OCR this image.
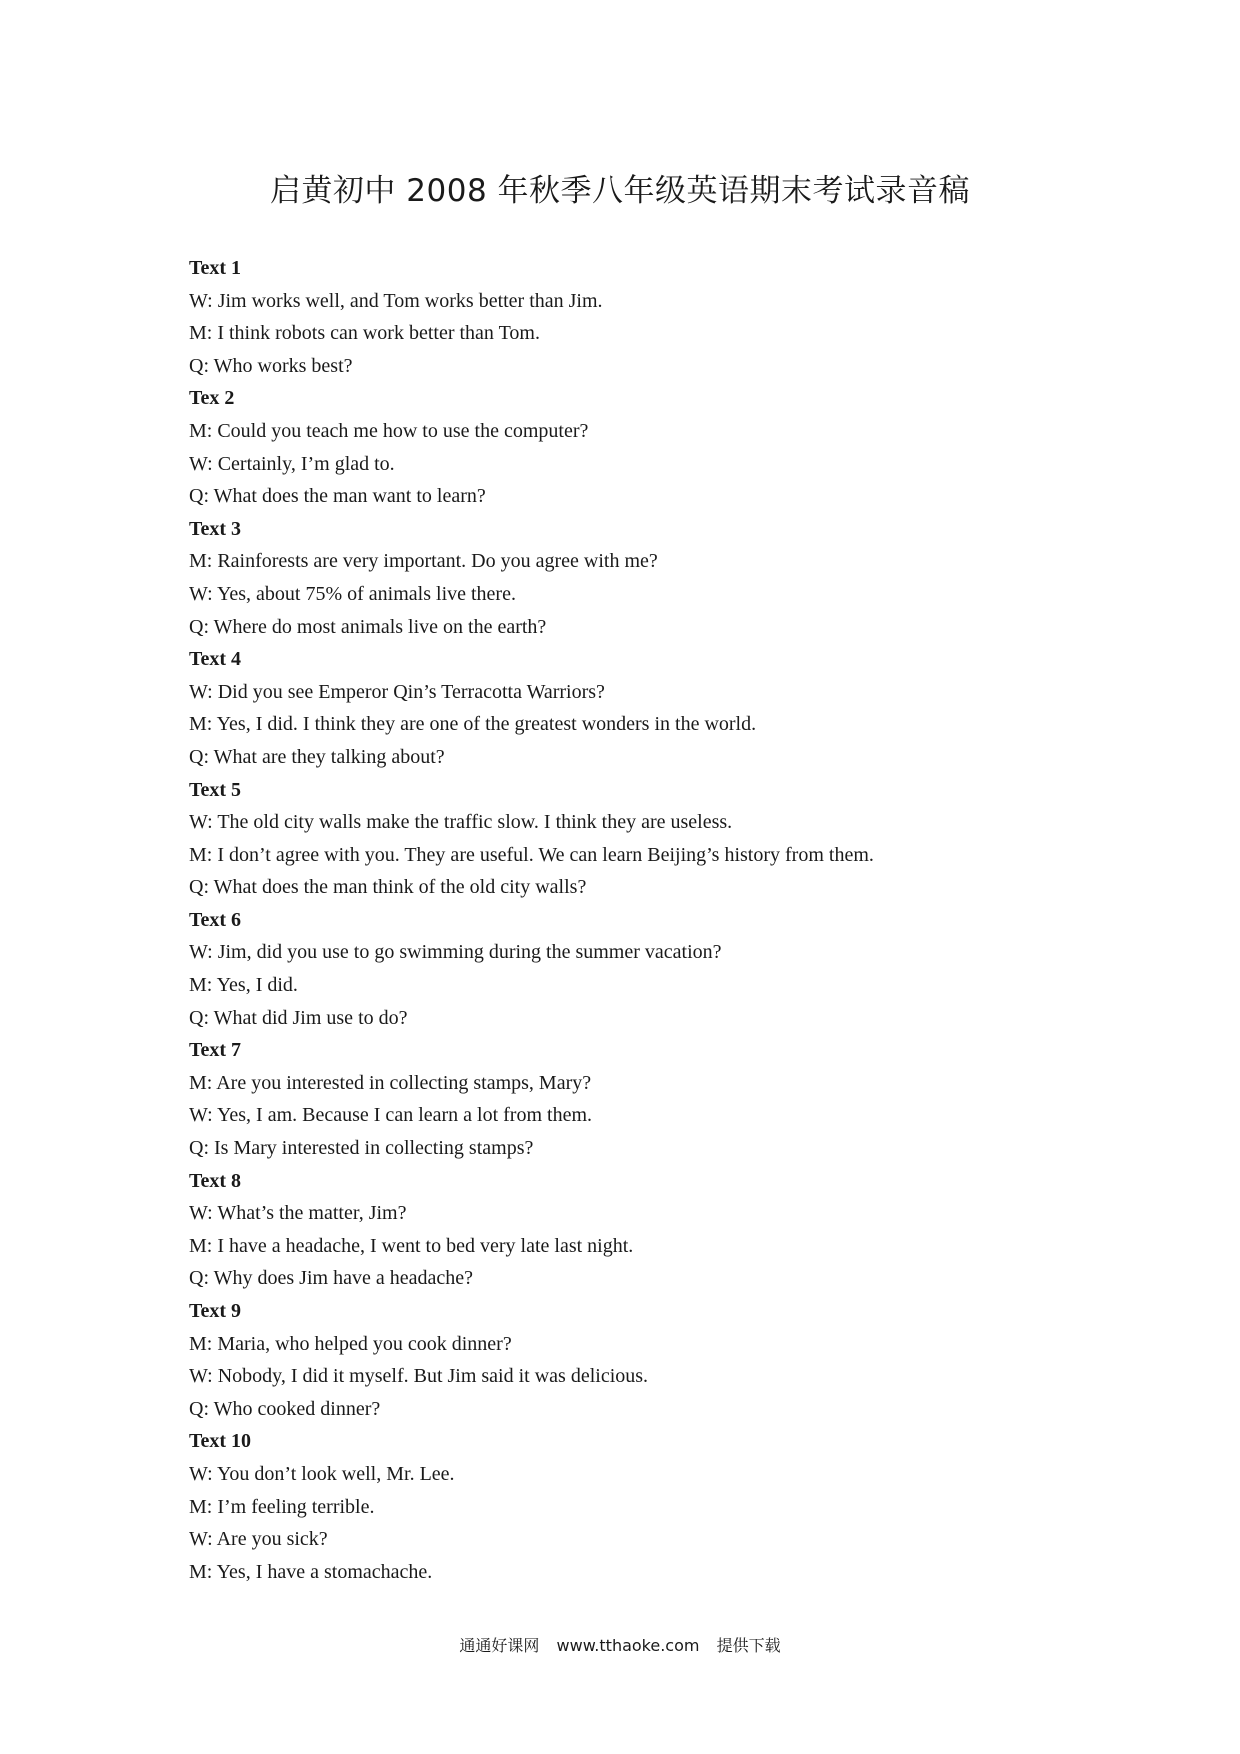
启黄初中 2008 年秋季八年级英语期末考试录音稿
Text 1
W: Jim works well, and Tom works better than Jim.
M: I think robots can work better than Tom.
Q: Who works best?
Tex 2
M: Could you teach me how to use the computer?
W: Certainly, I’m glad to.
Q: What does the man want to learn?
Text 3
M: Rainforests are very important. Do you agree with me?
W: Yes, about 75% of animals live there.
Q: Where do most animals live on the earth?
Text 4
W: Did you see Emperor Qin’s Terracotta Warriors?
M: Yes, I did. I think they are one of the greatest wonders in the world.
Q: What are they talking about?
Text 5
W: The old city walls make the traffic slow. I think they are useless.
M: I don’t agree with you. They are useful. We can learn Beijing’s history from them.
Q: What does the man think of the old city walls?
Text 6
W: Jim, did you use to go swimming during the summer vacation?
M: Yes, I did.
Q: What did Jim use to do?
Text 7
M: Are you interested in collecting stamps, Mary?
W: Yes, I am. Because I can learn a lot from them.
Q: Is Mary interested in collecting stamps?
Text 8
W: What’s the matter, Jim?
M: I have a headache, I went to bed very late last night.
Q: Why does Jim have a headache?
Text 9
M: Maria, who helped you cook dinner?
W: Nobody, I did it myself. But Jim said it was delicious.
Q: Who cooked dinner?
Text 10
W: You don’t look well, Mr. Lee.
M: I’m feeling terrible.
W: Are you sick?
M: Yes, I have a stomachache.
通通好课网 www.tthaoke.com 提供下载
